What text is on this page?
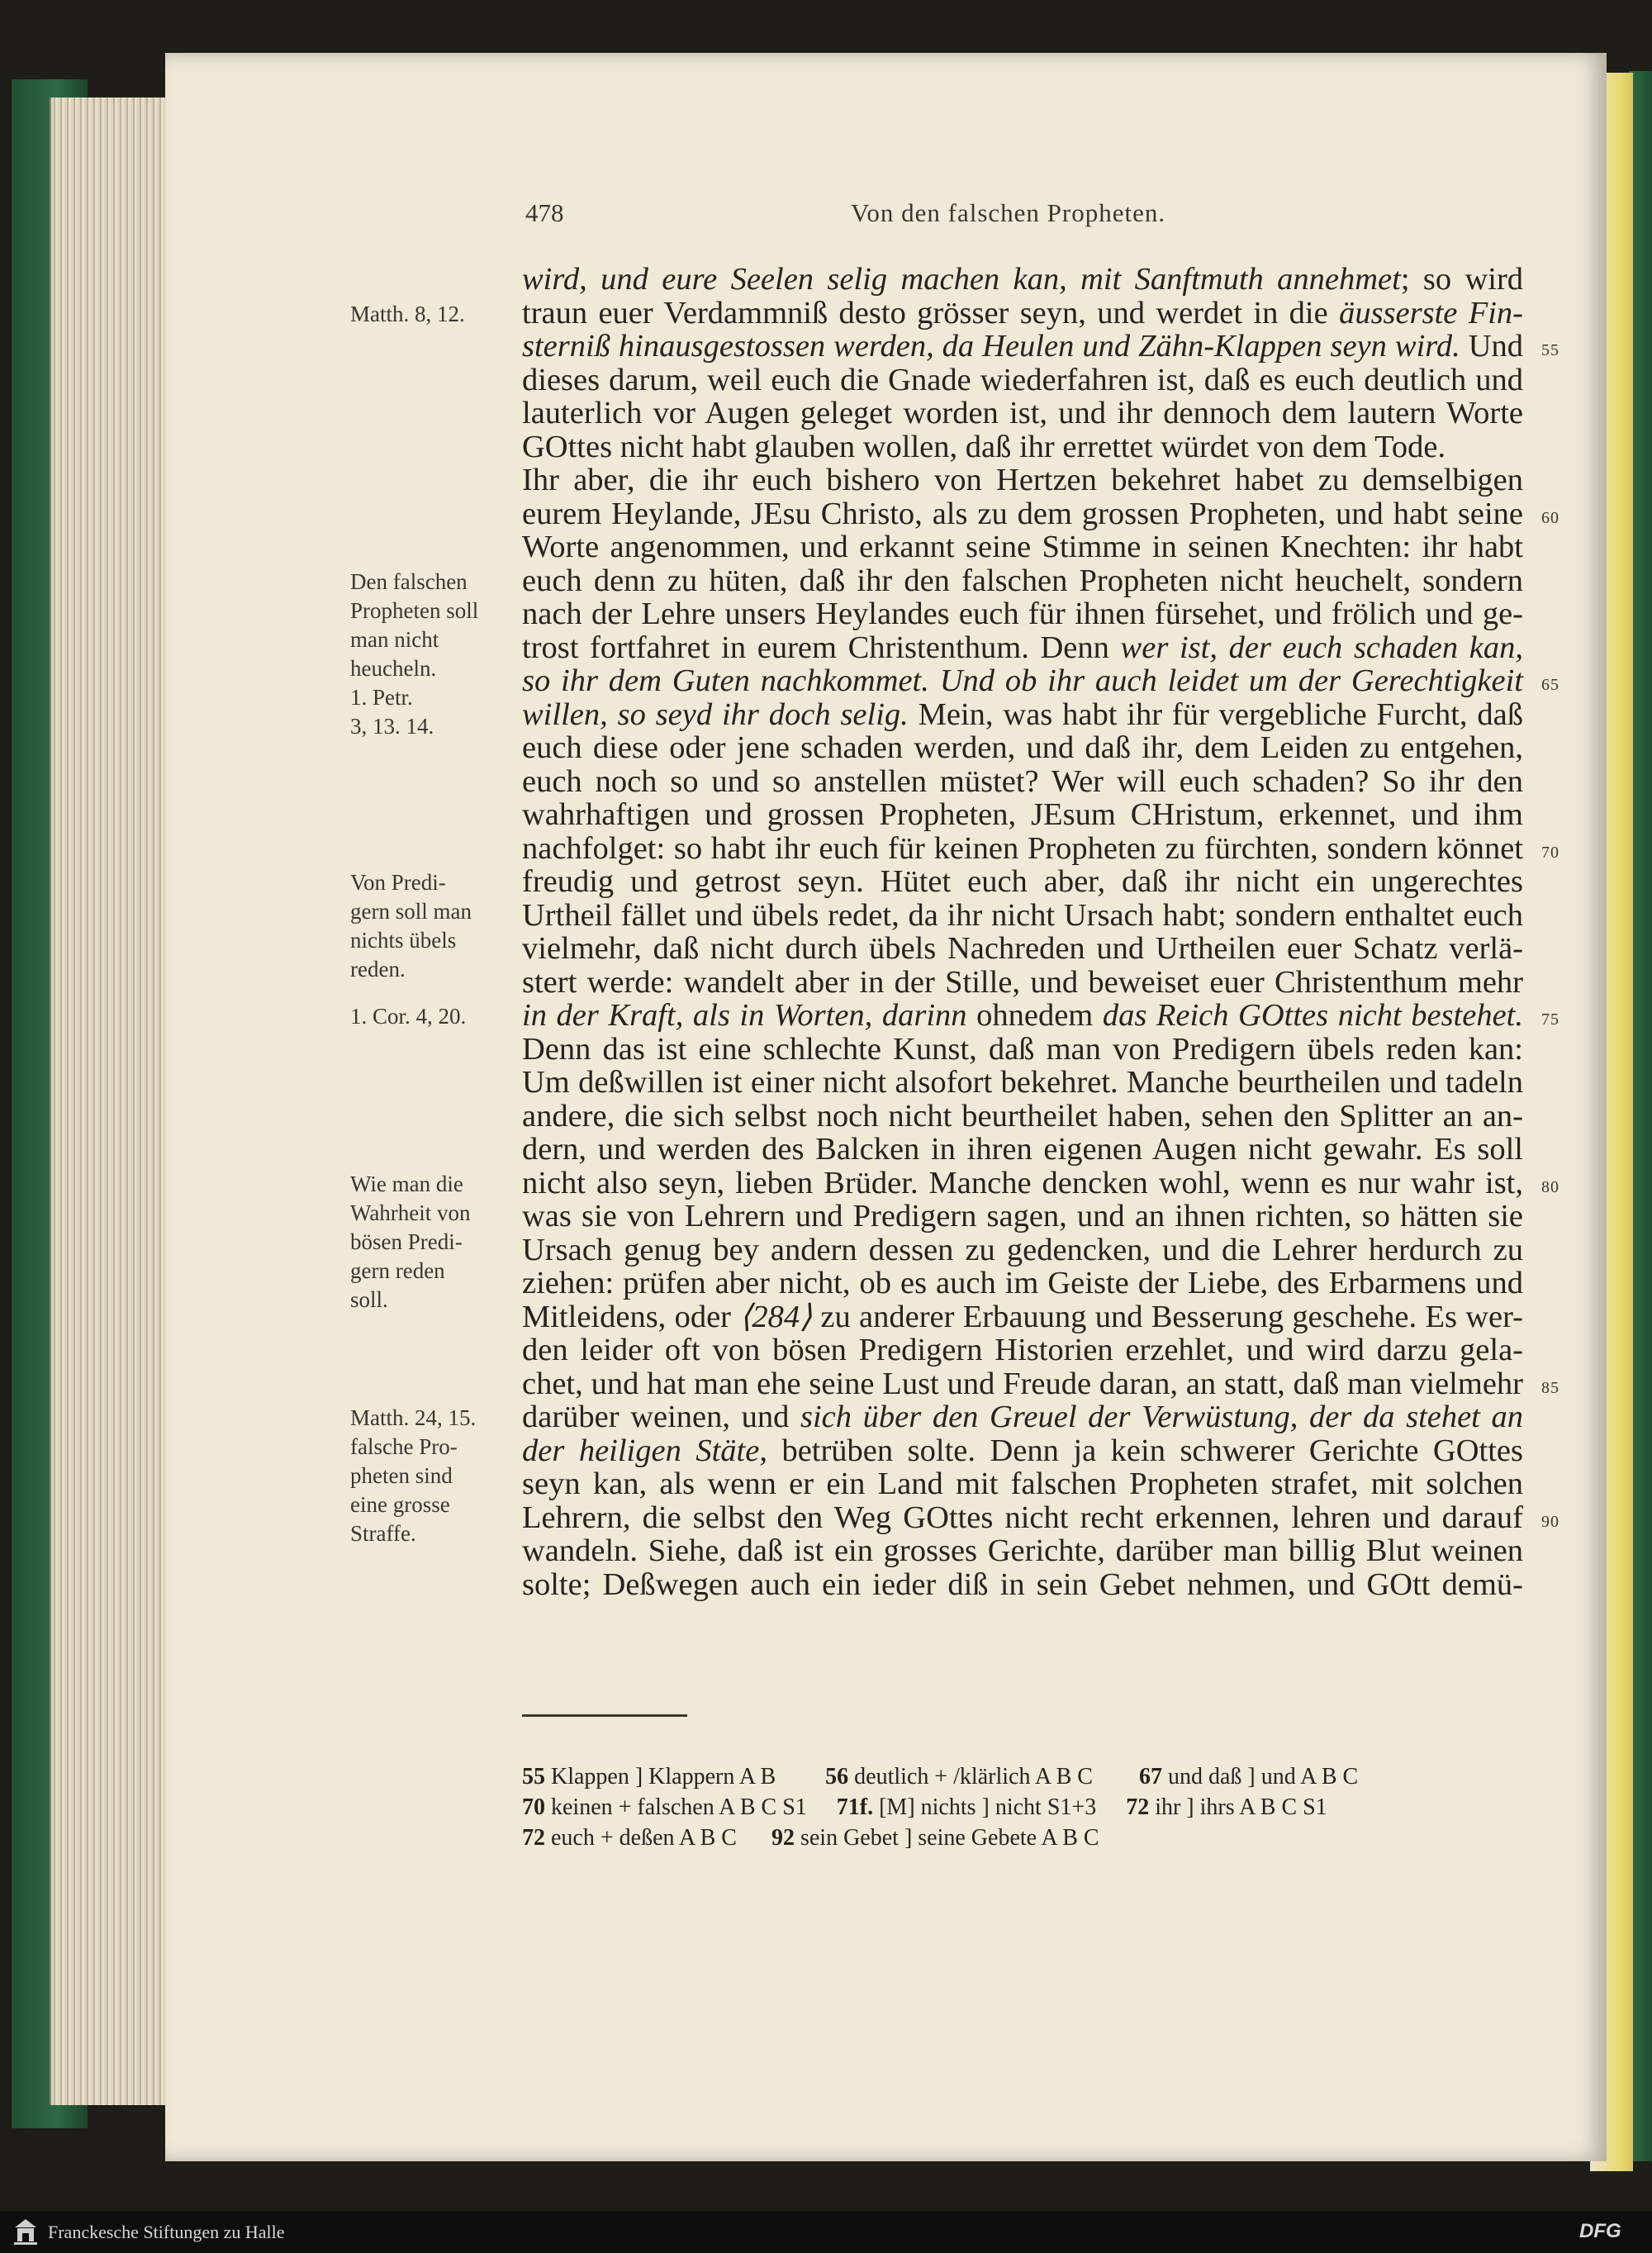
478	Von den falschen Propheten.
Matth. 8, 12.
Den falschen
Propheten soll
man nicht
heucheln.
1. Petr.
3, 13. 14.
Von Predi-
gern soll man
nichts übels
reden.
1. Cor. 4, 20.
Wie man die
Wahrheit von
bösen Predi-
gern reden
soll.
Matth. 24, 15.
falsche Pro-
pheten sind
eine grosse
Straffe.
wird, und eure Seelen selig machen kan, mit Sanftmuth annehmet; so wird
traun euer Verdammniß desto grösser seyn, und werdet in die äusserste Fin-
sterniß hinausgestossen werden, da Heulen und Zähn-Klappen seyn wird. Und
dieses darum, weil euch die Gnade wiederfahren ist, daß es euch deutlich und
lauterlich vor Augen geleget worden ist, und ihr dennoch dem lautern Worte
GOttes nicht habt glauben wollen, daß ihr errettet würdet von dem Tode.
Ihr aber, die ihr euch bishero von Hertzen bekehret habet zu demselbigen
eurem Heylande, JEsu Christo, als zu dem grossen Propheten, und habt seine
Worte angenommen, und erkannt seine Stimme in seinen Knechten: ihr habt
euch denn zu hüten, daß ihr den falschen Propheten nicht heuchelt, sondern
nach der Lehre unsers Heylandes euch für ihnen fürsehet, und frölich und ge-
trost fortfahret in eurem Christenthum. Denn wer ist, der euch schaden kan,
so ihr dem Guten nachkommet. Und ob ihr auch leidet um der Gerechtigkeit
willen, so seyd ihr doch selig. Mein, was habt ihr für vergebliche Furcht, daß
euch diese oder jene schaden werden, und daß ihr, dem Leiden zu entgehen,
euch noch so und so anstellen müstet? Wer will euch schaden? So ihr den
wahrhaftigen und grossen Propheten, JEsum CHristum, erkennet, und ihm
nachfolget: so habt ihr euch für keinen Propheten zu fürchten, sondern könnet
freudig und getrost seyn. Hütet euch aber, daß ihr nicht ein ungerechtes
Urtheil fället und übels redet, da ihr nicht Ursach habt; sondern enthaltet euch
vielmehr, daß nicht durch übels Nachreden und Urtheilen euer Schatz verlä-
stert werde: wandelt aber in der Stille, und beweiset euer Christenthum mehr
in der Kraft, als in Worten, darinn ohnedem das Reich GOttes nicht bestehet.
Denn das ist eine schlechte Kunst, daß man von Predigern übels reden kan:
Um deßwillen ist einer nicht alsofort bekehret. Manche beurtheilen und tadeln
andere, die sich selbst noch nicht beurtheilet haben, sehen den Splitter an an-
dern, und werden des Balcken in ihren eigenen Augen nicht gewahr. Es soll
nicht also seyn, lieben Brüder. Manche dencken wohl, wenn es nur wahr ist,
was sie von Lehrern und Predigern sagen, und an ihnen richten, so hätten sie
Ursach genug bey andern dessen zu gedencken, und die Lehrer herdurch zu
ziehen: prüfen aber nicht, ob es auch im Geiste der Liebe, des Erbarmens und
Mitleidens, oder ⟨284⟩ zu anderer Erbauung und Besserung geschehe. Es wer-
den leider oft von bösen Predigern Historien erzehlet, und wird darzu gela-
chet, und hat man ehe seine Lust und Freude daran, an statt, daß man vielmehr
darüber weinen, und sich über den Greuel der Verwüstung, der da stehet an
der heiligen Stäte, betrüben solte. Denn ja kein schwerer Gerichte GOttes
seyn kan, als wenn er ein Land mit falschen Propheten strafet, mit solchen
Lehrern, die selbst den Weg GOttes nicht recht erkennen, lehren und darauf
wandeln. Siehe, daß ist ein grosses Gerichte, darüber man billig Blut weinen
solte; Deßwegen auch ein ieder diß in sein Gebet nehmen, und GOtt demü-
55
60
65
70
75
80
85
90
55 Klappen ] Klappern A B 56 deutlich + /klärlich A B C 67 und daß ] und A B C
70 keinen + falschen A B C S1 71f. [M] nichts ] nicht S1+3 72 ihr ] ihrs A B C S1
72 euch + deßen A B C 92 sein Gebet ] seine Gebete A B C
Franckesche Stiftungen zu Halle	DFG
